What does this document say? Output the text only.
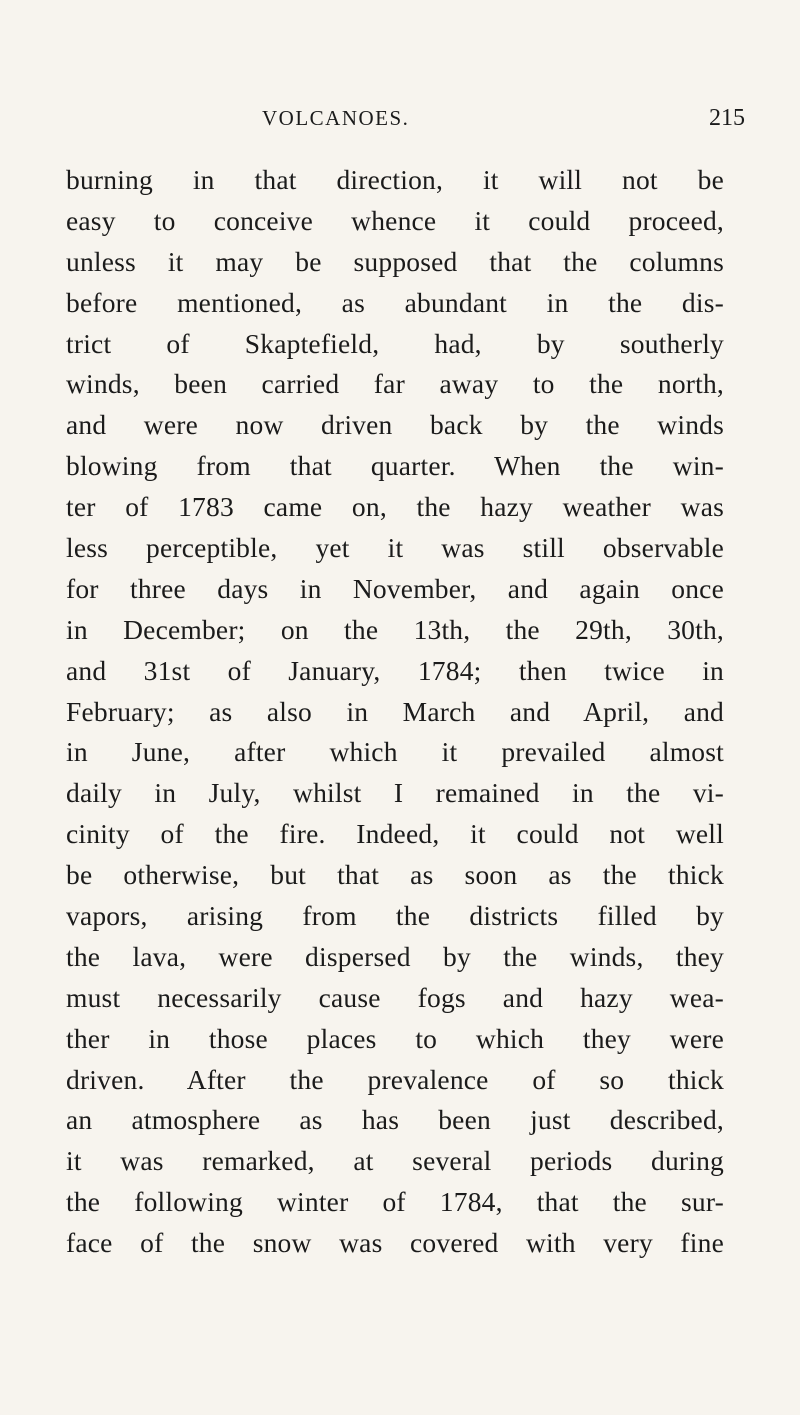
VOLCANOES.	215
burning in that direction, it will not be
easy to conceive whence it could proceed,
unless it may be supposed that the columns
before mentioned, as abundant in the dis-
trict of Skaptefield, had, by southerly
winds, been carried far away to the north,
and were now driven back by the winds
blowing from that quarter. When the win-
ter of 1783 came on, the hazy weather was
less perceptible, yet it was still observable
for three days in November, and again once
in December; on the 13th, the 29th, 30th,
and 31st of January, 1784; then twice in
February; as also in March and April, and
in June, after which it prevailed almost
daily in July, whilst I remained in the vi-
cinity of the fire. Indeed, it could not well
be otherwise, but that as soon as the thick
vapors, arising from the districts filled by
the lava, were dispersed by the winds, they
must necessarily cause fogs and hazy wea-
ther in those places to which they were
driven. After the prevalence of so thick
an atmosphere as has been just described,
it was remarked, at several periods during
the following winter of 1784, that the sur-
face of the snow was covered with very fine
